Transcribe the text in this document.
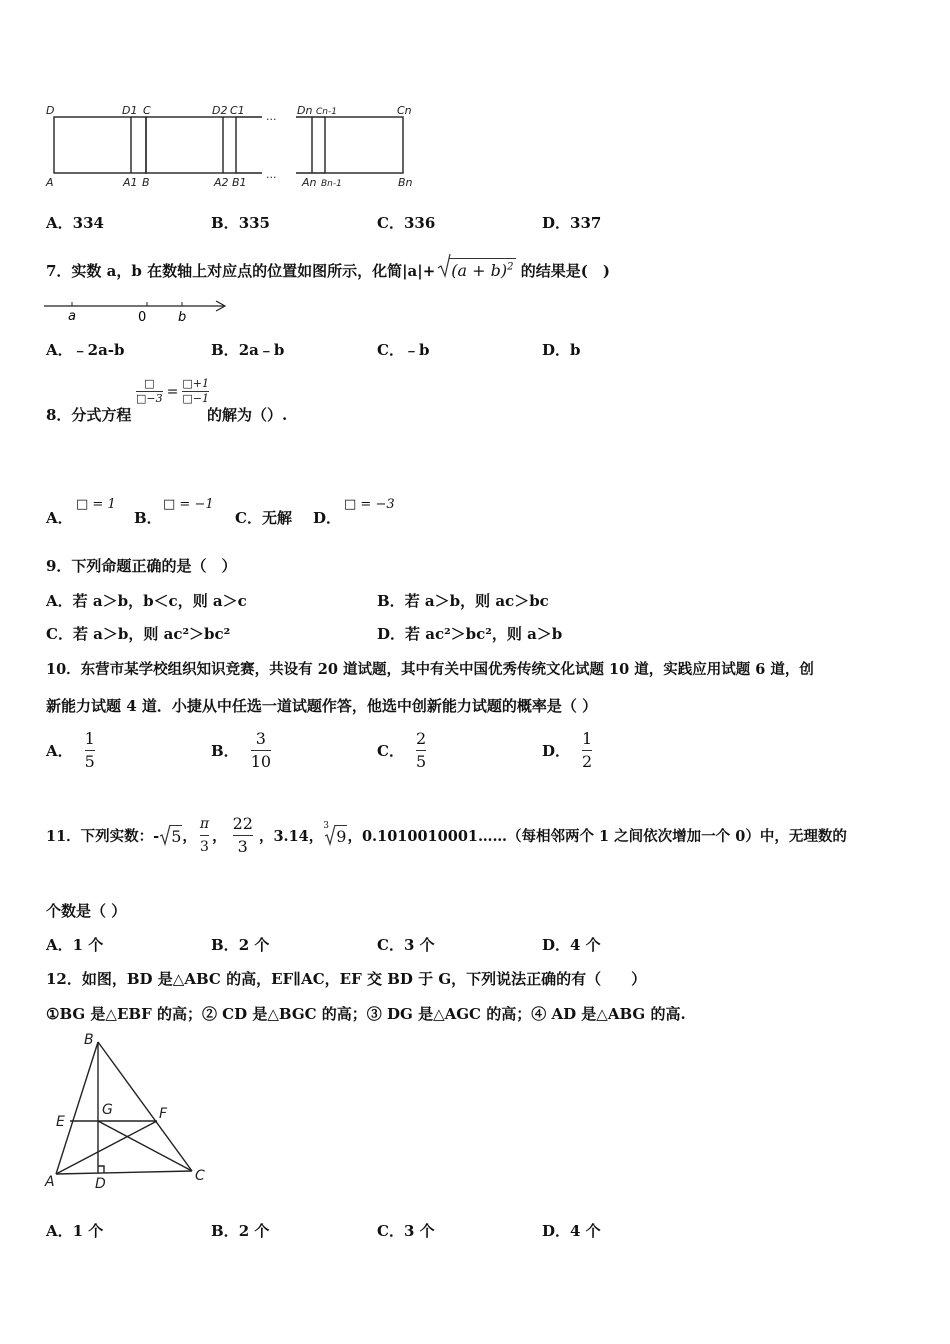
D	D1 C	D2 C1 ... Dn Cn-1	Cn
A	A1 B	A2 B1
...
An Bn-1	Bn
A．334	B．335	C．336	D．337
7．实数 a，b 在数轴上对应点的位置如图所示，化简$|a|+ (a + b)^2$ 的结果是(　)
a	0 b
A．﹣2a-b	B．2a﹣b	C．﹣b	D．b
8．分式方程
$\frac{□}{□-3} = \frac{□+1}{□-1}$
的解为（）.
A．
□ = 1
B．
□ = −1
C．无解 D．
□ = −3
9．下列命题正确的是（　）
A．若 a＞b，b＜c，则 a＞c	B．若 a＞b，则 ac＞bc
C．若 a＞b，则 ac²＞bc²	D．若 ac²＞bc²，则 a＞b
10．东营市某学校组织知识竞赛，共设有 20 道试题，其中有关中国优秀传统文化试题 10 道，实践应用试题 6 道，创
新能力试题 4 道．小捷从中任选一道试题作答，他选中创新能力试题的概率是（ ）
A． $\frac{1}{5}$	B． $\frac{3}{10}$	C． $\frac{2}{5}$	D． $\frac{1}{2}$
11．下列实数：- 5 ， $\frac{\pi}{3}$ ， $\frac{22}{3}$ ，3.14，
3
9 ，0.1010010001……（每相邻两个 1 之间依次增加一个 0）中，无理数的
个数是（ ）
A．1 个	B．2 个	C．3 个	D．4 个
12．如图，BD 是△ABC 的高，EF∥AC，EF 交 BD 于 G，下列说法正确的有（　　）
①BG 是△EBF 的高；② CD 是△BGC 的高；③ DG 是△AGC 的高；④ AD 是△ABG 的高.
B
E
G	F
A	D	C
A．1 个	B．2 个	C．3 个	D．4 个
